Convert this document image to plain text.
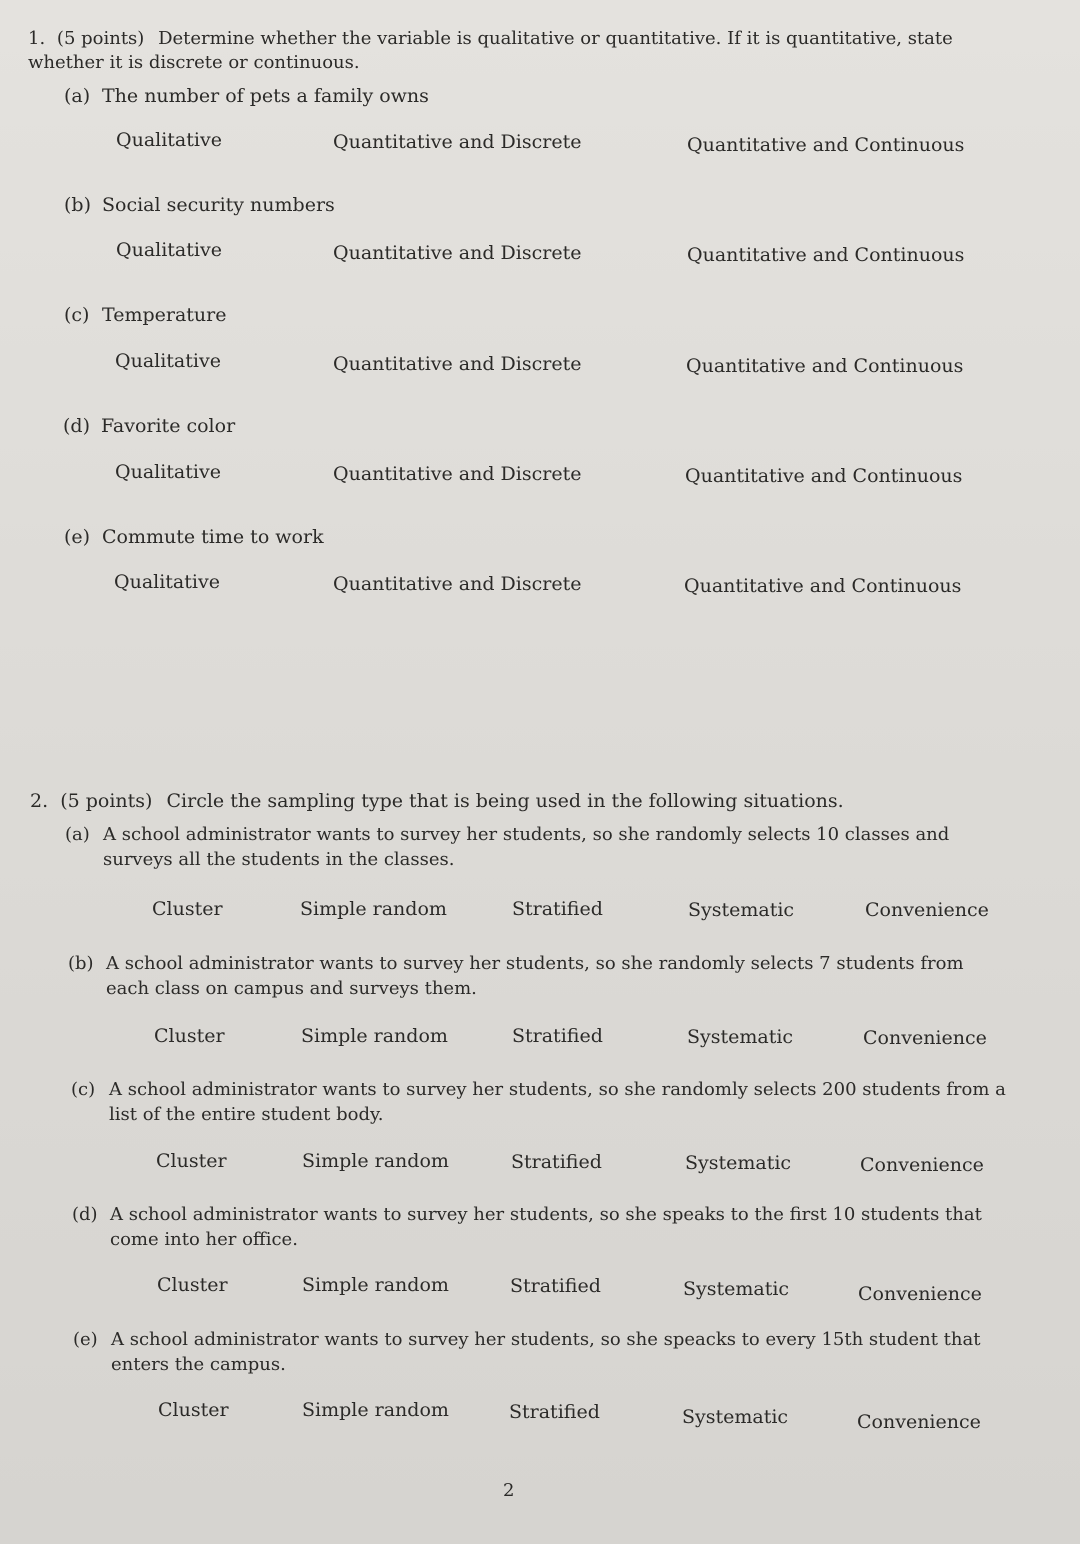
1. (5 points) Determine whether the variable is qualitative or quantitative. If it is quantitative, state whether it is discrete or continuous.
(a) The number of pets a family owns
Qualitative	Quantitative and Discrete	Quantitative and Continuous
(b) Social security numbers
Qualitative	Quantitative and Discrete	Quantitative and Continuous
(c) Temperature
Qualitative	Quantitative and Discrete	Quantitative and Continuous
(d) Favorite color
Qualitative	Quantitative and Discrete	Quantitative and Continuous
(e) Commute time to work
Qualitative	Quantitative and Discrete	Quantitative and Continuous
2. (5 points) Circle the sampling type that is being used in the following situations.
(a) A school administrator wants to survey her students, so she randomly selects 10 classes and surveys all the students in the classes.
Cluster	Simple random	Stratified	Systematic	Convenience
(b) A school administrator wants to survey her students, so she randomly selects 7 students from each class on campus and surveys them.
Cluster	Simple random	Stratified	Systematic	Convenience
(c) A school administrator wants to survey her students, so she randomly selects 200 students from a list of the entire student body.
Cluster	Simple random	Stratified	Systematic	Convenience
(d) A school administrator wants to survey her students, so she speaks to the first 10 students that come into her office.
Cluster	Simple random	Stratified	Systematic	Convenience
(e) A school administrator wants to survey her students, so she speacks to every 15th student that enters the campus.
Cluster	Simple random	Stratified	Systematic	Convenience
2
